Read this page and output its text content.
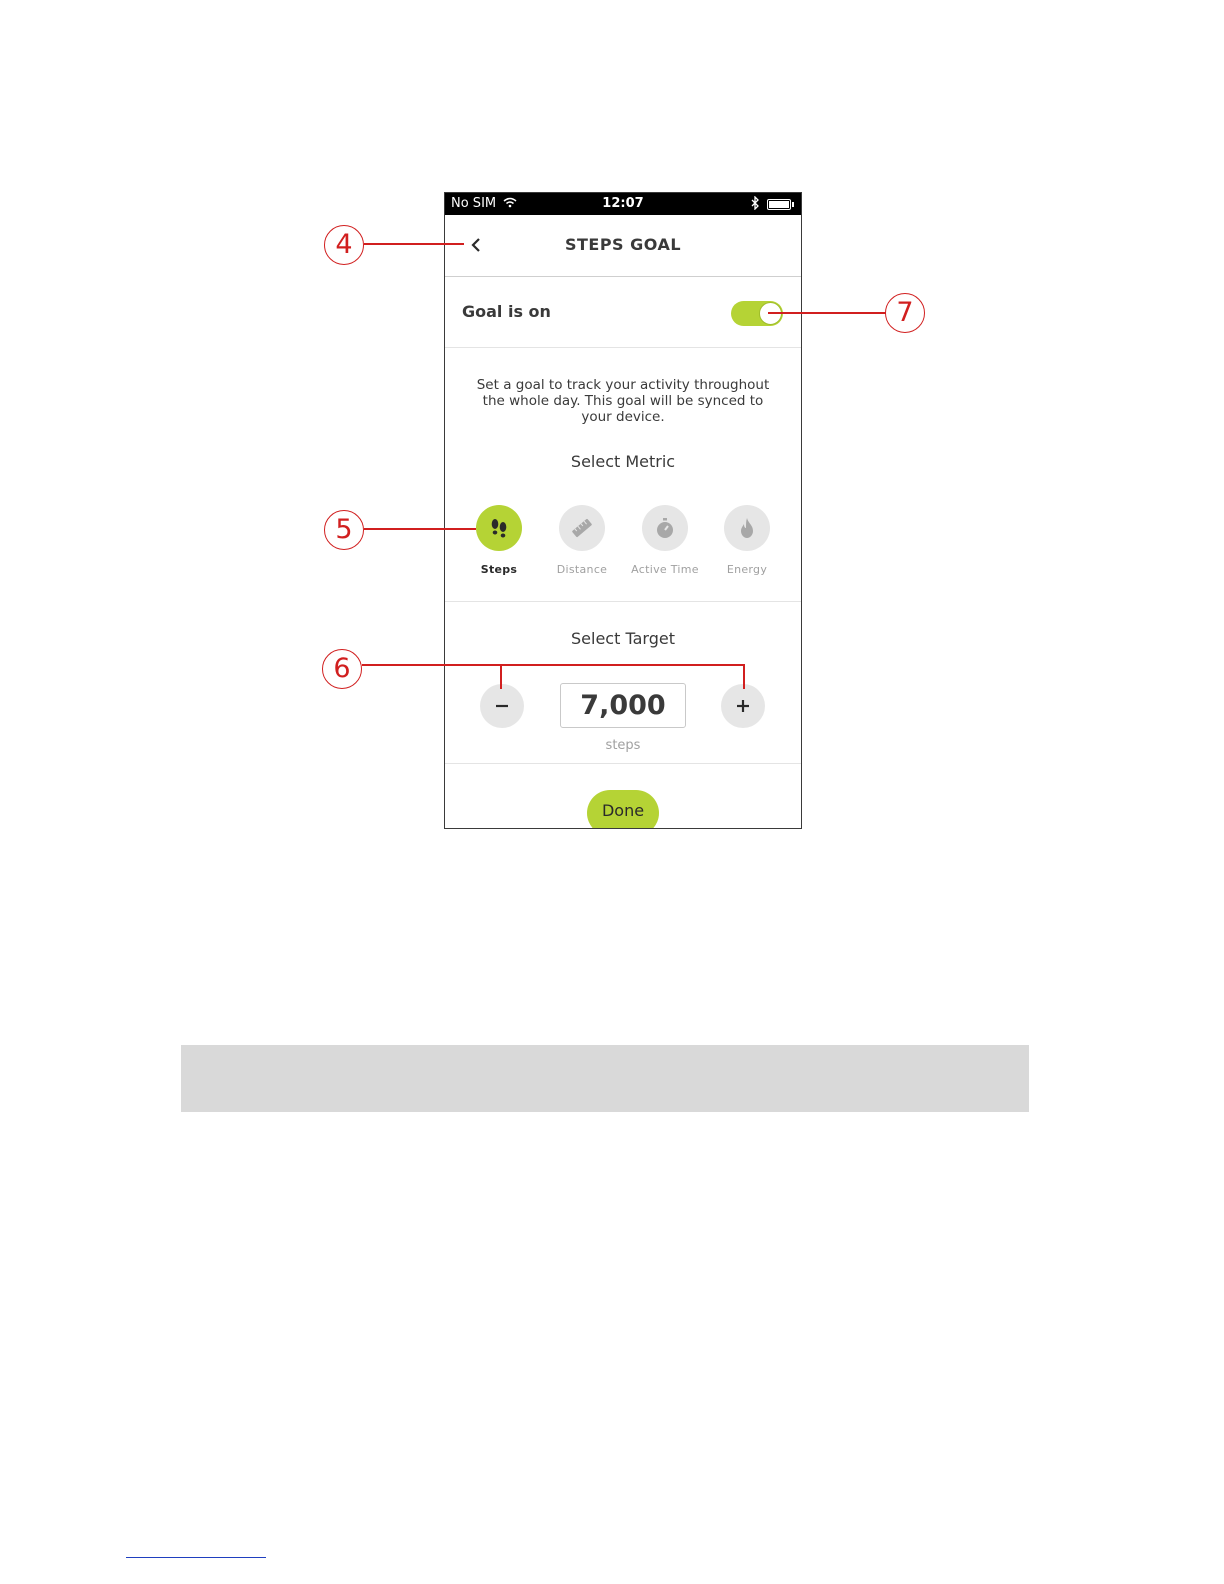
No SIM	12:07
STEPS GOAL
Goal is on
Set a goal to track your activity throughout the whole day. This goal will be synced to your device.
Select Metric
Steps	Distance	Active Time	Energy
Select Target
7,000
steps
Done
4
7
5
6
